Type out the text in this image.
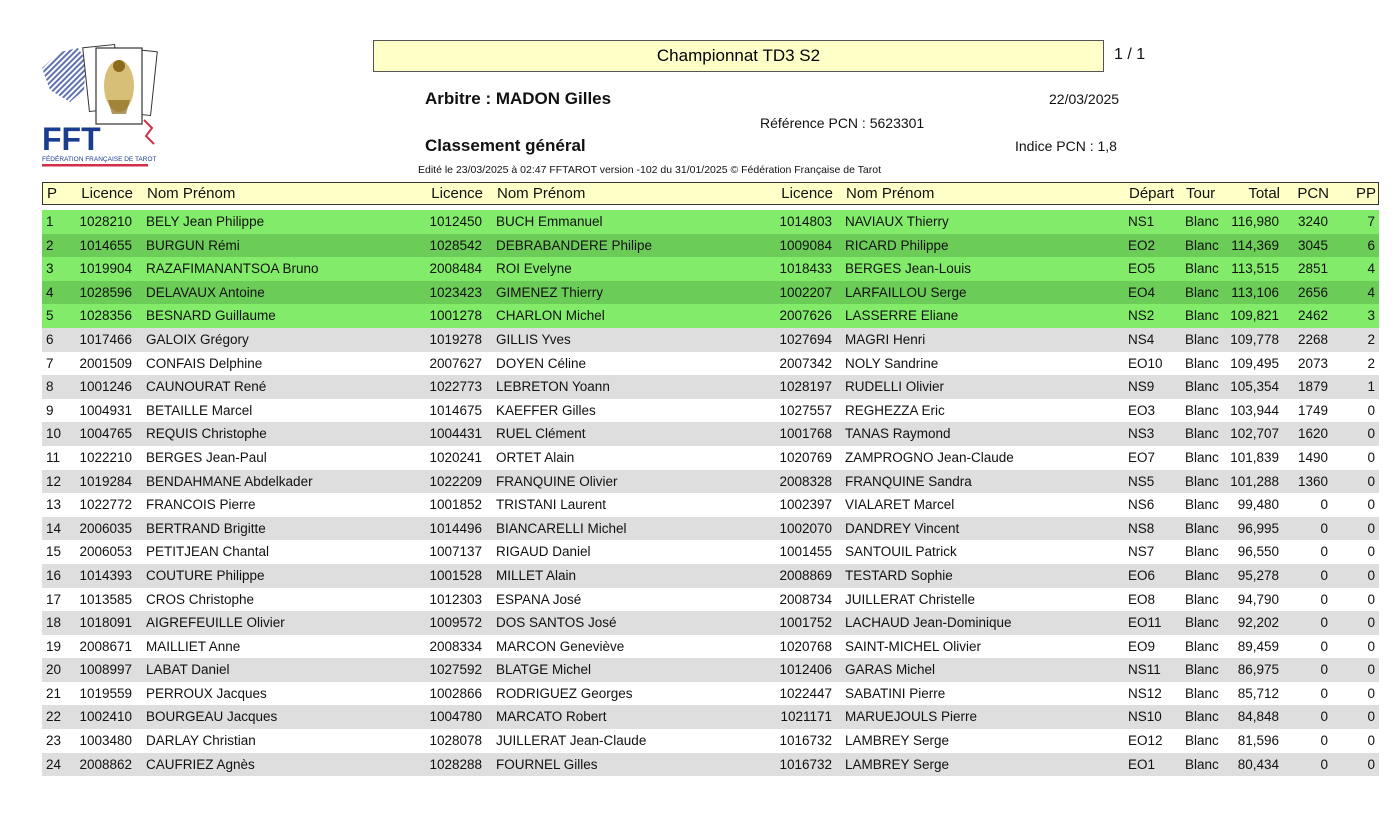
FFT
FÉDÉRATION FRANÇAISE DE TAROT
Championnat TD3 S2	1 / 1
Arbitre : MADON Gilles	22/03/2025
Référence PCN : 5623301
Classement général	Indice PCN : 1,8
Edité le 23/03/2025 à 02:47 FFTAROT version -102 du 31/01/2025 © Fédération Française de Tarot
P Licence Nom Prénom	Licence Nom Prénom	Licence Nom Prénom	Départ Tour	Total	PCN	PP
1 1028210 BELY Jean Philippe	1012450 BUCH Emmanuel	1014803 NAVIAUX Thierry	NS1 Blanc 116,980	3240	7
2 1014655 BURGUN Rémi	1028542 DEBRABANDERE Philipe	1009084 RICARD Philippe	EO2 Blanc 114,369	3045	6
3 1019904 RAZAFIMANANTSOA Bruno	2008484 ROI Evelyne	1018433 BERGES Jean-Louis	EO5 Blanc 113,515	2851	4
4 1028596 DELAVAUX Antoine	1023423 GIMENEZ Thierry	1002207 LARFAILLOU Serge	EO4 Blanc 113,106	2656	4
5 1028356 BESNARD Guillaume	1001278 CHARLON Michel	2007626 LASSERRE Eliane	NS2 Blanc 109,821	2462	3
6 1017466 GALOIX Grégory	1019278 GILLIS Yves	1027694 MAGRI Henri	NS4 Blanc 109,778	2268	2
7 2001509 CONFAIS Delphine	2007627 DOYEN Céline	2007342 NOLY Sandrine	EO10 Blanc 109,495	2073	2
8 1001246 CAUNOURAT René	1022773 LEBRETON Yoann	1028197 RUDELLI Olivier	NS9 Blanc 105,354	1879	1
9 1004931 BETAILLE Marcel	1014675 KAEFFER Gilles	1027557 REGHEZZA Eric	EO3 Blanc 103,944	1749	0
10 1004765 REQUIS Christophe	1004431 RUEL Clément	1001768 TANAS Raymond	NS3 Blanc 102,707	1620	0
11 1022210 BERGES Jean-Paul	1020241 ORTET Alain	1020769 ZAMPROGNO Jean-Claude	EO7 Blanc 101,839	1490	0
12 1019284 BENDAHMANE Abdelkader	1022209 FRANQUINE Olivier	2008328 FRANQUINE Sandra	NS5 Blanc 101,288	1360	0
13 1022772 FRANCOIS Pierre	1001852 TRISTANI Laurent	1002397 VIALARET Marcel	NS6 Blanc	99,480	0	0
14 2006035 BERTRAND Brigitte	1014496 BIANCARELLI Michel	1002070 DANDREY Vincent	NS8 Blanc	96,995	0	0
15 2006053 PETITJEAN Chantal	1007137 RIGAUD Daniel	1001455 SANTOUIL Patrick	NS7 Blanc	96,550	0	0
16 1014393 COUTURE Philippe	1001528 MILLET Alain	2008869 TESTARD Sophie	EO6 Blanc	95,278	0	0
17 1013585 CROS Christophe	1012303 ESPANA José	2008734 JUILLERAT Christelle	EO8 Blanc	94,790	0	0
18 1018091 AIGREFEUILLE Olivier	1009572 DOS SANTOS José	1001752 LACHAUD Jean-Dominique	EO11 Blanc	92,202	0	0
19 2008671 MAILLIET Anne	2008334 MARCON Geneviève	1020768 SAINT-MICHEL Olivier	EO9 Blanc	89,459	0	0
20 1008997 LABAT Daniel	1027592 BLATGE Michel	1012406 GARAS Michel	NS11 Blanc	86,975	0	0
21 1019559 PERROUX Jacques	1002866 RODRIGUEZ Georges	1022447 SABATINI Pierre	NS12 Blanc	85,712	0	0
22 1002410 BOURGEAU Jacques	1004780 MARCATO Robert	1021171 MARUEJOULS Pierre	NS10 Blanc	84,848	0	0
23 1003480 DARLAY Christian	1028078 JUILLERAT Jean-Claude	1016732 LAMBREY Serge	EO12 Blanc	81,596	0	0
24 2008862 CAUFRIEZ Agnès	1028288 FOURNEL Gilles	1016732 LAMBREY Serge	EO1 Blanc	80,434	0	0
